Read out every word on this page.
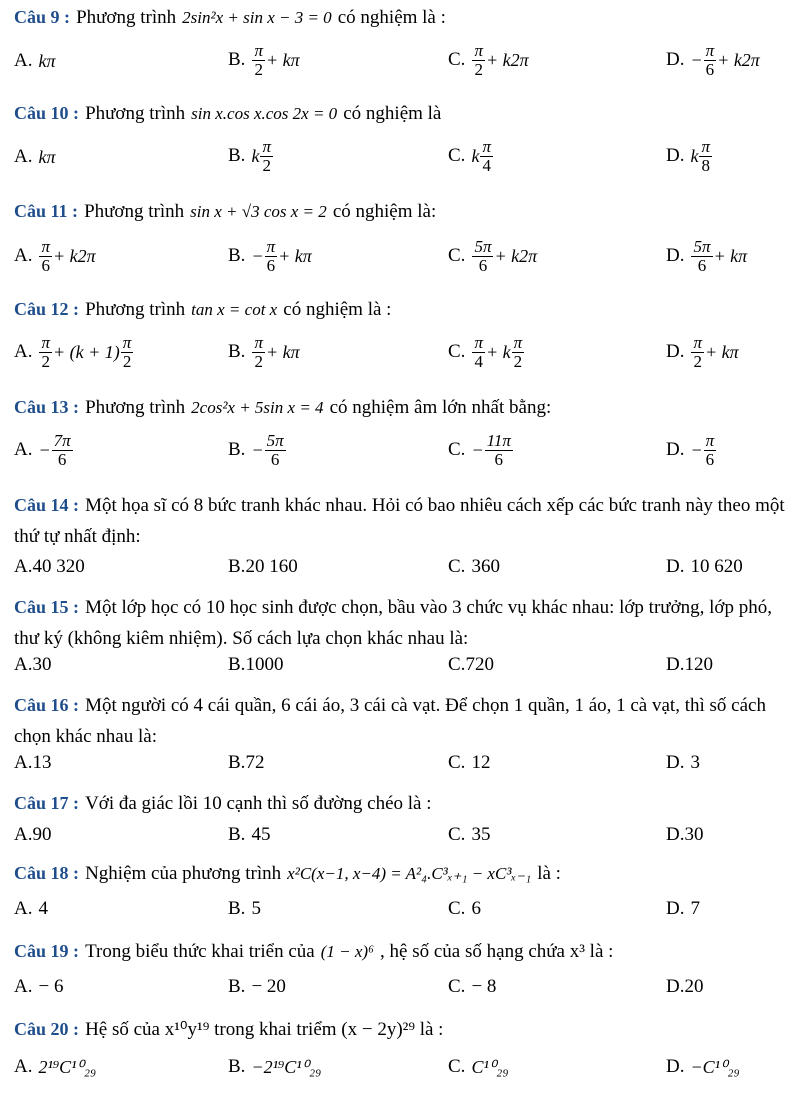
Câu 9 : Phương trình 2sin²x + sin x − 3 = 0 có nghiệm là :
A. kπ	B. $\frac{\pi}{2} + k\pi$	C. $\frac{\pi}{2} + k2\pi$	D. − $\frac{\pi}{6} + k2\pi$
Câu 10 : Phương trình sin x.cos x.cos 2x = 0 có nghiệm là
A. kπ	B. k $\frac{\pi}{2}$	C. k $\frac{\pi}{4}$	D. k $\frac{\pi}{8}$
Câu 11 : Phương trình sin x + √3 cos x = 2 có nghiệm là:
A. $\frac{\pi}{6} + k2\pi$	B. − $\frac{\pi}{6} + k\pi$	C. $\frac{5\pi}{6} + k2\pi$	D. $\frac{5\pi}{6} + k\pi$
Câu 12 : Phương trình tan x = cot x có nghiệm là :
A. $\frac{\pi}{2} + (k + 1) \frac{\pi}{2}$	B. $\frac{\pi}{2} + k\pi$	C. $\frac{\pi}{4} + k \frac{\pi}{2}$	D. $\frac{\pi}{2} + k\pi$
Câu 13 : Phương trình 2cos²x + 5sin x = 4 có nghiệm âm lớn nhất bằng:
A. − $\frac{7\pi}{6}$	B. − $\frac{5\pi}{6}$	C. − $\frac{11\pi}{6}$	D. − $\frac{\pi}{6}$
Câu 14 : Một họa sĩ có 8 bức tranh khác nhau. Hỏi có bao nhiêu cách xếp các bức tranh này theo một thứ tự nhất định:
A. 40 320	B. 20 160	C. 360	D. 10 620
Câu 15 : Một lớp học có 10 học sinh được chọn, bầu vào 3 chức vụ khác nhau: lớp trưởng, lớp phó, thư ký (không kiêm nhiệm). Số cách lựa chọn khác nhau là:
A. 30	B. 1000	C. 720	D. 120
Câu 16 : Một người có 4 cái quần, 6 cái áo, 3 cái cà vạt. Để chọn 1 quần, 1 áo, 1 cà vạt, thì số cách chọn khác nhau là:
A. 13	B. 72	C. 12	D. 3
Câu 17 : Với đa giác lồi 10 cạnh thì số đường chéo là :
A. 90	B. 45	C. 35	D. 30
Câu 18 : Nghiệm của phương trình x²C(x−1, x−4) = A²₄.C³ₓ₊₁ − xC³ₓ₋₁ là :
A. 4	B. 5	C. 6	D. 7
Câu 19 : Trong biểu thức khai triển của (1 − x)⁶ , hệ số của số hạng chứa x³ là :
A. − 6	B. − 20	C. − 8	D. 20
Câu 20 : Hệ số của x¹⁰y¹⁹ trong khai triểm (x − 2y)²⁹ là :
A. 2¹⁹C¹⁰₂₉	B. −2¹⁹C¹⁰₂₉	C. C¹⁰₂₉	D. −C¹⁰₂₉
